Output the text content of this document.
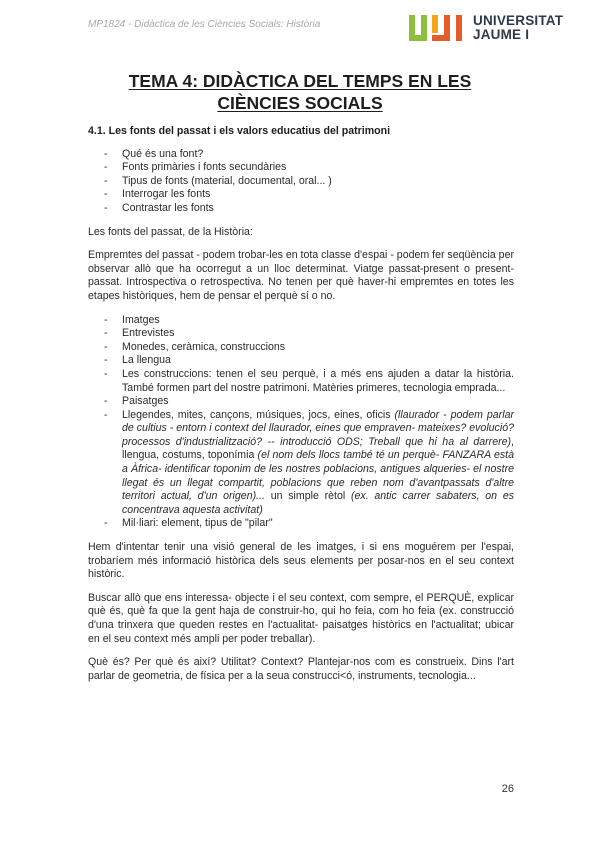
MP1824 - Didàctica de les Ciències Socials: Història	UNIVERSITAT
JAUME I
TEMA 4: DIDÀCTICA DEL TEMPS EN LES
CIÈNCIES SOCIALS
4.1. Les fonts del passat i els valors educatius del patrimoni
- Qué és una font?
- Fonts primàries i fonts secundàries
- Tipus de fonts (material, documental, oral... )
- Interrogar les fonts
- Contrastar les fonts

Les fonts del passat, de la Història:

Empremtes del passat - podem trobar-les en tota classe d'espai - podem fer seqüència per observar allò que ha ocorregut a un lloc determinat. Viatge passat-present o present-passat. Introspectiva o retrospectiva. No tenen per què haver-hi empremtes en totes les etapes històriques, hem de pensar el perquè sí o no.

- Imatges
- Entrevistes
- Monedes, ceràmica, construccions
- La llengua
- Les construccions: tenen el seu perquè, i a més ens ajuden a datar la història. També formen part del nostre patrimoni. Matèries primeres, tecnologia emprada...
- Paisatges
- Llegendes, mites, cançons, músiques, jocs, eines, oficis (llaurador - podem parlar de cultius - entorn i context del llaurador, eines que empraven- mateixes? evolució? processos d'industrialització? -- introducció ODS; Treball que hi ha al darrere), llengua, costums, toponímia (el nom dels llocs també té un perquè- FANZARA està a Àfrica- identificar toponim de les nostres poblacions, antigues alqueries- el nostre llegat és un llegat compartit, poblacions que reben nom d'avantpassats d'altre territori actual, d'un origen)... un simple rètol (ex. antic carrer sabaters, on es concentrava aquesta activitat)
- Mil·liari: element, tipus de "pilar"

Hem d'intentar tenir una visió general de les imatges, i si ens moguérem per l'espai, trobaríem més informació històrica dels seus elements per posar-nos en el seu context històric.

Buscar allò que ens interessa- objecte i el seu context, com sempre, el PERQUÈ, explicar què és, què fa que la gent haja de construir-ho, qui ho feia, com ho feia (ex. construcció d'una trinxera que queden restes en l'actualitat- paisatges històrics en l'actualitat; ubicar en el seu context més ampli per poder treballar).

Què és? Per què és així? Utilitat? Context? Plantejar-nos com es construeix. Dins l'art parlar de geometria, de física per a la seua construcci<ó, instruments, tecnologia...

26
